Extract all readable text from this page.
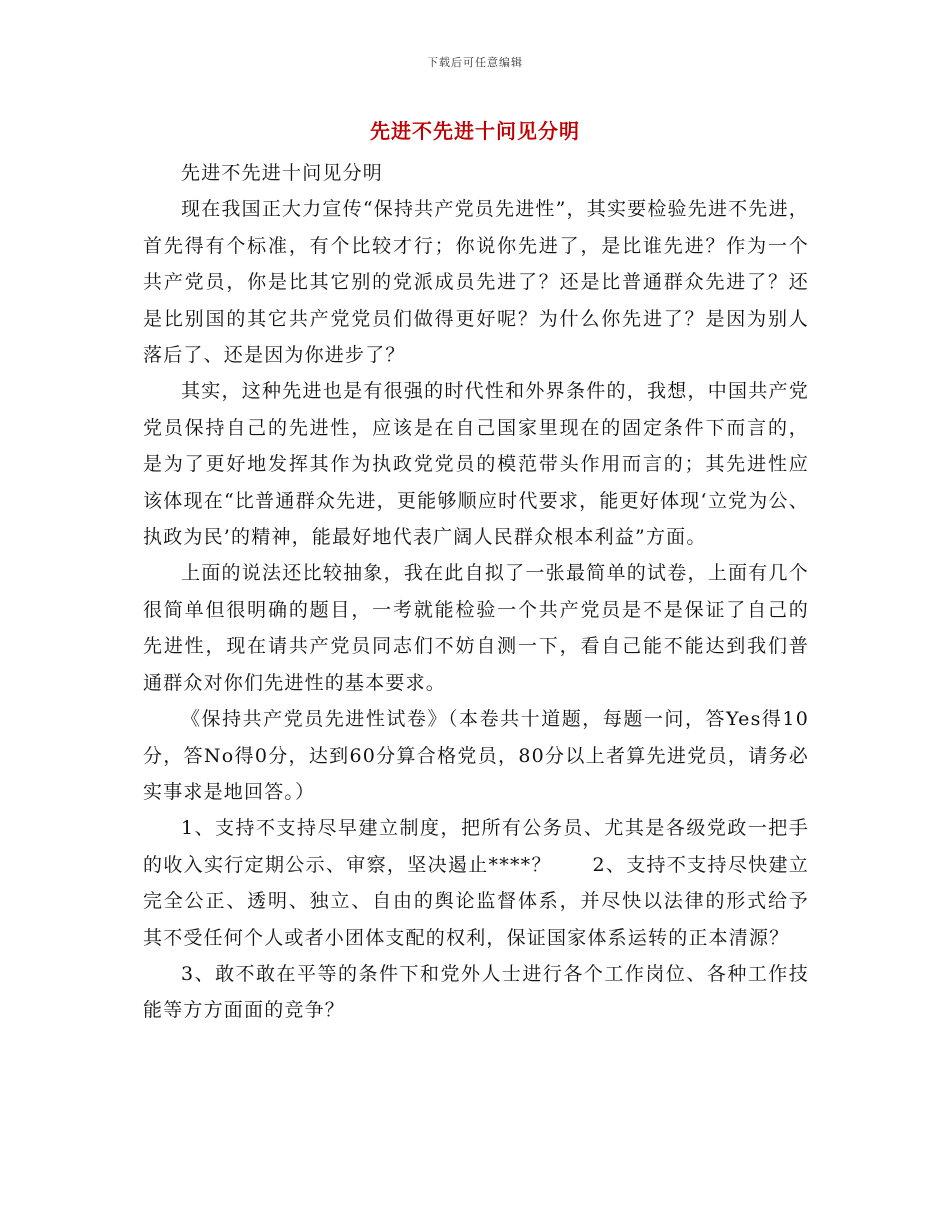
下载后可任意编辑
先进不先进十问见分明

先进不先进十问见分明

现在我国正大力宣传“保持共产党员先进性”，其实要检验先进不先进，首先得有个标准，有个比较才行；你说你先进了，是比谁先进？作为一个共产党员，你是比其它别的党派成员先进了？还是比普通群众先进了？还是比别国的其它共产党党员们做得更好呢？为什么你先进了？是因为别人落后了、还是因为你进步了？

其实，这种先进也是有很强的时代性和外界条件的，我想，中国共产党党员保持自己的先进性，应该是在自己国家里现在的固定条件下而言的，是为了更好地发挥其作为执政党党员的模范带头作用而言的；其先进性应该体现在“比普通群众先进，更能够顺应时代要求，能更好体现‘立党为公、执政为民’的精神，能最好地代表广阔人民群众根本利益”方面。

上面的说法还比较抽象，我在此自拟了一张最简单的试卷，上面有几个很简单但很明确的题目，一考就能检验一个共产党员是不是保证了自己的先进性，现在请共产党员同志们不妨自测一下，看自己能不能达到我们普通群众对你们先进性的基本要求。

《保持共产党员先进性试卷》（本卷共十道题，每题一问，答Yes得10分，答No得0分，达到60分算合格党员，80分以上者算先进党员，请务必实事求是地回答。）

1、支持不支持尽早建立制度，把所有公务员、尤其是各级党政一把手的收入实行定期公示、审察，坚决遏止****？　　2、支持不支持尽快建立完全公正、透明、独立、自由的舆论监督体系，并尽快以法律的形式给予其不受任何个人或者小团体支配的权利，保证国家体系运转的正本清源？

3、敢不敢在平等的条件下和党外人士进行各个工作岗位、各种工作技能等方方面面的竞争？
